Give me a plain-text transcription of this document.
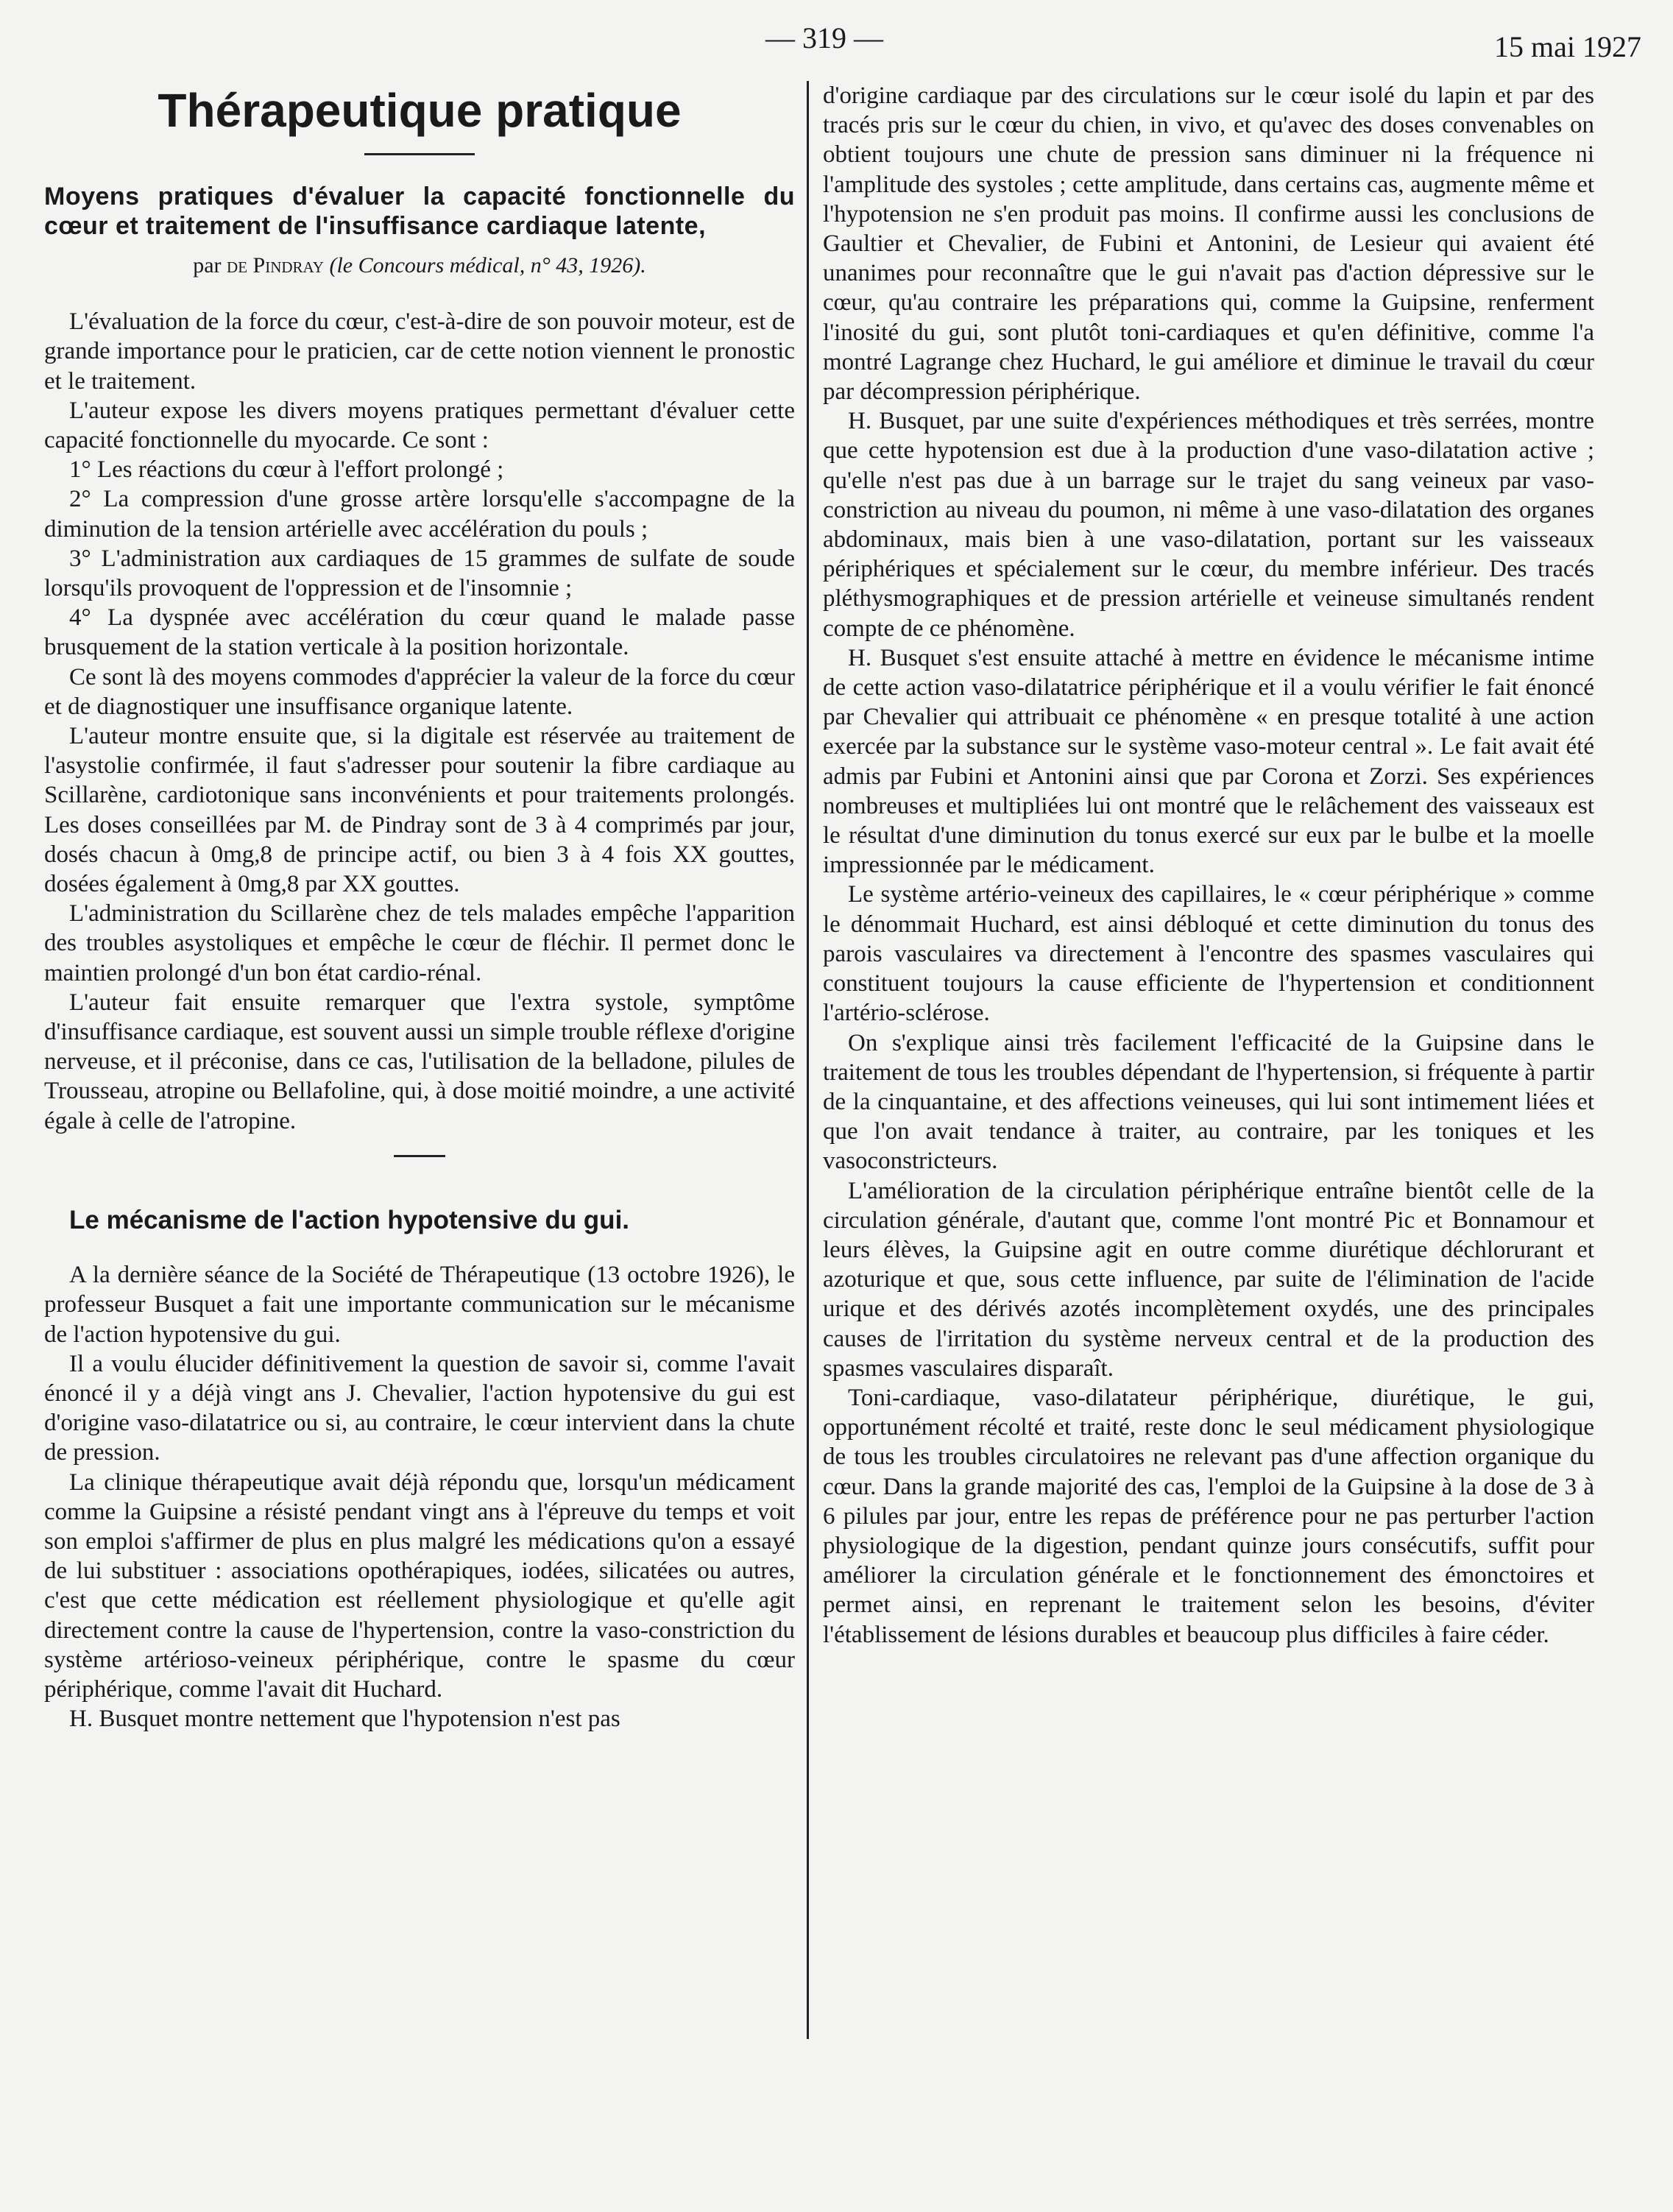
— 319 —	15 mai 1927
Thérapeutique pratique
Moyens pratiques d'évaluer la capacité fonctionnelle du cœur et traitement de l'insuffisance cardiaque latente,
par de Pindray (le Concours médical, n° 43, 1926).

L'évaluation de la force du cœur, c'est-à-dire de son pouvoir moteur, est de grande importance pour le praticien, car de cette notion viennent le pronostic et le traitement.

L'auteur expose les divers moyens pratiques permettant d'évaluer cette capacité fonctionnelle du myocarde. Ce sont :

1° Les réactions du cœur à l'effort prolongé ;

2° La compression d'une grosse artère lorsqu'elle s'accompagne de la diminution de la tension artérielle avec accélération du pouls ;

3° L'administration aux cardiaques de 15 grammes de sulfate de soude lorsqu'ils provoquent de l'oppression et de l'insomnie ;

4° La dyspnée avec accélération du cœur quand le malade passe brusquement de la station verticale à la position horizontale.

Ce sont là des moyens commodes d'apprécier la valeur de la force du cœur et de diagnostiquer une insuffisance organique latente.

L'auteur montre ensuite que, si la digitale est réservée au traitement de l'asystolie confirmée, il faut s'adresser pour soutenir la fibre cardiaque au Scillarène, cardiotonique sans inconvénients et pour traitements prolongés. Les doses conseillées par M. de Pindray sont de 3 à 4 comprimés par jour, dosés chacun à 0mg,8 de principe actif, ou bien 3 à 4 fois XX gouttes, dosées également à 0mg,8 par XX gouttes.

L'administration du Scillarène chez de tels malades empêche l'apparition des troubles asystoliques et empêche le cœur de fléchir. Il permet donc le maintien prolongé d'un bon état cardio-rénal.

L'auteur fait ensuite remarquer que l'extra systole, symptôme d'insuffisance cardiaque, est souvent aussi un simple trouble réflexe d'origine nerveuse, et il préconise, dans ce cas, l'utilisation de la belladone, pilules de Trousseau, atropine ou Bellafoline, qui, à dose moitié moindre, a une activité égale à celle de l'atropine.

Le mécanisme de l'action hypotensive du gui.

A la dernière séance de la Société de Thérapeutique (13 octobre 1926), le professeur Busquet a fait une importante communication sur le mécanisme de l'action hypotensive du gui.

Il a voulu élucider définitivement la question de savoir si, comme l'avait énoncé il y a déjà vingt ans J. Chevalier, l'action hypotensive du gui est d'origine vaso-dilatatrice ou si, au contraire, le cœur intervient dans la chute de pression.

La clinique thérapeutique avait déjà répondu que, lorsqu'un médicament comme la Guipsine a résisté pendant vingt ans à l'épreuve du temps et voit son emploi s'affirmer de plus en plus malgré les médications qu'on a essayé de lui substituer : associations opothérapiques, iodées, silicatées ou autres, c'est que cette médication est réellement physiologique et qu'elle agit directement contre la cause de l'hypertension, contre la vaso-constriction du système artérioso-veineux périphérique, contre le spasme du cœur périphérique, comme l'avait dit Huchard.

H. Busquet montre nettement que l'hypotension n'est pas

d'origine cardiaque par des circulations sur le cœur isolé du lapin et par des tracés pris sur le cœur du chien, in vivo, et qu'avec des doses convenables on obtient toujours une chute de pression sans diminuer ni la fréquence ni l'amplitude des systoles ; cette amplitude, dans certains cas, augmente même et l'hypotension ne s'en produit pas moins. Il confirme aussi les conclusions de Gaultier et Chevalier, de Fubini et Antonini, de Lesieur qui avaient été unanimes pour reconnaître que le gui n'avait pas d'action dépressive sur le cœur, qu'au contraire les préparations qui, comme la Guipsine, renferment l'inosité du gui, sont plutôt toni-cardiaques et qu'en définitive, comme l'a montré Lagrange chez Huchard, le gui améliore et diminue le travail du cœur par décompression périphérique.

H. Busquet, par une suite d'expériences méthodiques et très serrées, montre que cette hypotension est due à la production d'une vaso-dilatation active ; qu'elle n'est pas due à un barrage sur le trajet du sang veineux par vaso-constriction au niveau du poumon, ni même à une vaso-dilatation des organes abdominaux, mais bien à une vaso-dilatation, portant sur les vaisseaux périphériques et spécialement sur le cœur, du membre inférieur. Des tracés pléthysmographiques et de pression artérielle et veineuse simultanés rendent compte de ce phénomène.

H. Busquet s'est ensuite attaché à mettre en évidence le mécanisme intime de cette action vaso-dilatatrice périphérique et il a voulu vérifier le fait énoncé par Chevalier qui attribuait ce phénomène « en presque totalité à une action exercée par la substance sur le système vaso-moteur central ». Le fait avait été admis par Fubini et Antonini ainsi que par Corona et Zorzi. Ses expériences nombreuses et multipliées lui ont montré que le relâchement des vaisseaux est le résultat d'une diminution du tonus exercé sur eux par le bulbe et la moelle impressionnée par le médicament.

Le système artério-veineux des capillaires, le « cœur périphérique » comme le dénommait Huchard, est ainsi débloqué et cette diminution du tonus des parois vasculaires va directement à l'encontre des spasmes vasculaires qui constituent toujours la cause efficiente de l'hypertension et conditionnent l'artério-sclérose.

On s'explique ainsi très facilement l'efficacité de la Guipsine dans le traitement de tous les troubles dépendant de l'hypertension, si fréquente à partir de la cinquantaine, et des affections veineuses, qui lui sont intimement liées et que l'on avait tendance à traiter, au contraire, par les toniques et les vasoconstricteurs.

L'amélioration de la circulation périphérique entraîne bientôt celle de la circulation générale, d'autant que, comme l'ont montré Pic et Bonnamour et leurs élèves, la Guipsine agit en outre comme diurétique déchlorurant et azoturique et que, sous cette influence, par suite de l'élimination de l'acide urique et des dérivés azotés incomplètement oxydés, une des principales causes de l'irritation du système nerveux central et de la production des spasmes vasculaires disparaît.

Toni-cardiaque, vaso-dilatateur périphérique, diurétique, le gui, opportunément récolté et traité, reste donc le seul médicament physiologique de tous les troubles circulatoires ne relevant pas d'une affection organique du cœur. Dans la grande majorité des cas, l'emploi de la Guipsine à la dose de 3 à 6 pilules par jour, entre les repas de préférence pour ne pas perturber l'action physiologique de la digestion, pendant quinze jours consécutifs, suffit pour améliorer la circulation générale et le fonctionnement des émonctoires et permet ainsi, en reprenant le traitement selon les besoins, d'éviter l'établissement de lésions durables et beaucoup plus difficiles à faire céder.
